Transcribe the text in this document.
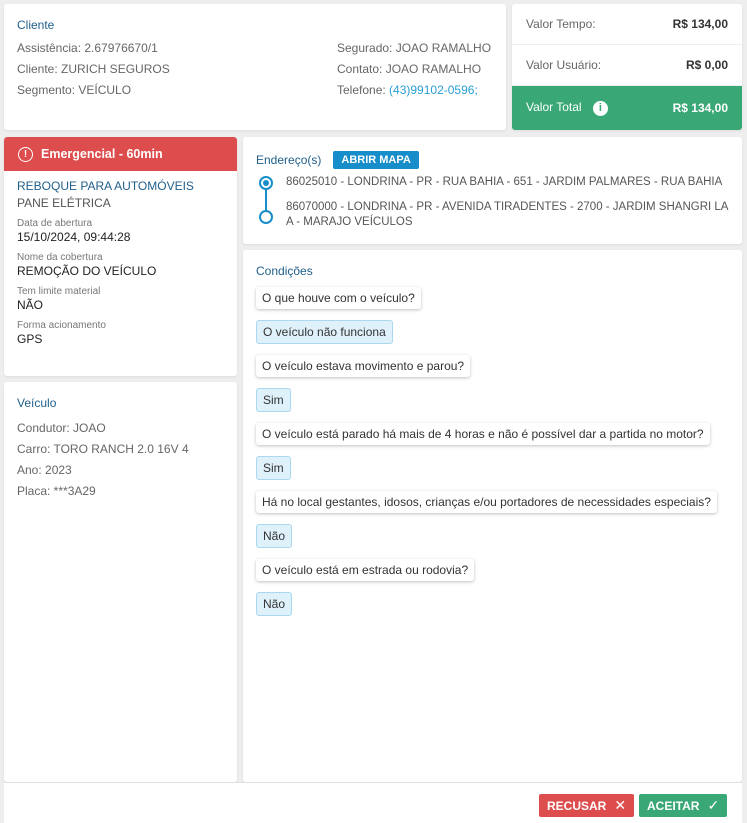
Cliente
Assistência: 2.67976670/1	Segurado: JOAO RAMALHO
Cliente: ZURICH SEGUROS	Contato: JOAO RAMALHO
Segmento: VEÍCULO	Telefone: (43)99102-0596;
Valor Tempo:	R$ 134,00
Valor Usuário:	R$ 0,00
Valor Total i	R$ 134,00
!	Emergencial - 60min
REBOQUE PARA AUTOMÓVEIS
PANE ELÉTRICA
Data de abertura
15/10/2024, 09:44:28
Nome da cobertura
REMOÇÃO DO VEÍCULO
Tem limite material
NÃO
Forma acionamento
GPS
Veículo
Condutor: JOAO
Carro: TORO RANCH 2.0 16V 4
Ano: 2023
Placa: ***3A29
Endereço(s)	ABRIR MAPA
86025010 - LONDRINA - PR - RUA BAHIA - 651 - JARDIM PALMARES - RUA BAHIA
86070000 - LONDRINA - PR - AVENIDA TIRADENTES - 2700 - JARDIM SHANGRI LA A - MARAJO VEÍCULOS
Condições
O que houve com o veículo?
O veículo não funciona
O veículo estava movimento e parou?
Sim
O veículo está parado há mais de 4 horas e não é possível dar a partida no motor?
Sim
Há no local gestantes, idosos, crianças e/ou portadores de necessidades especiais?
Não
O veículo está em estrada ou rodovia?
Não
RECUSAR ✕ ACEITAR ✓
